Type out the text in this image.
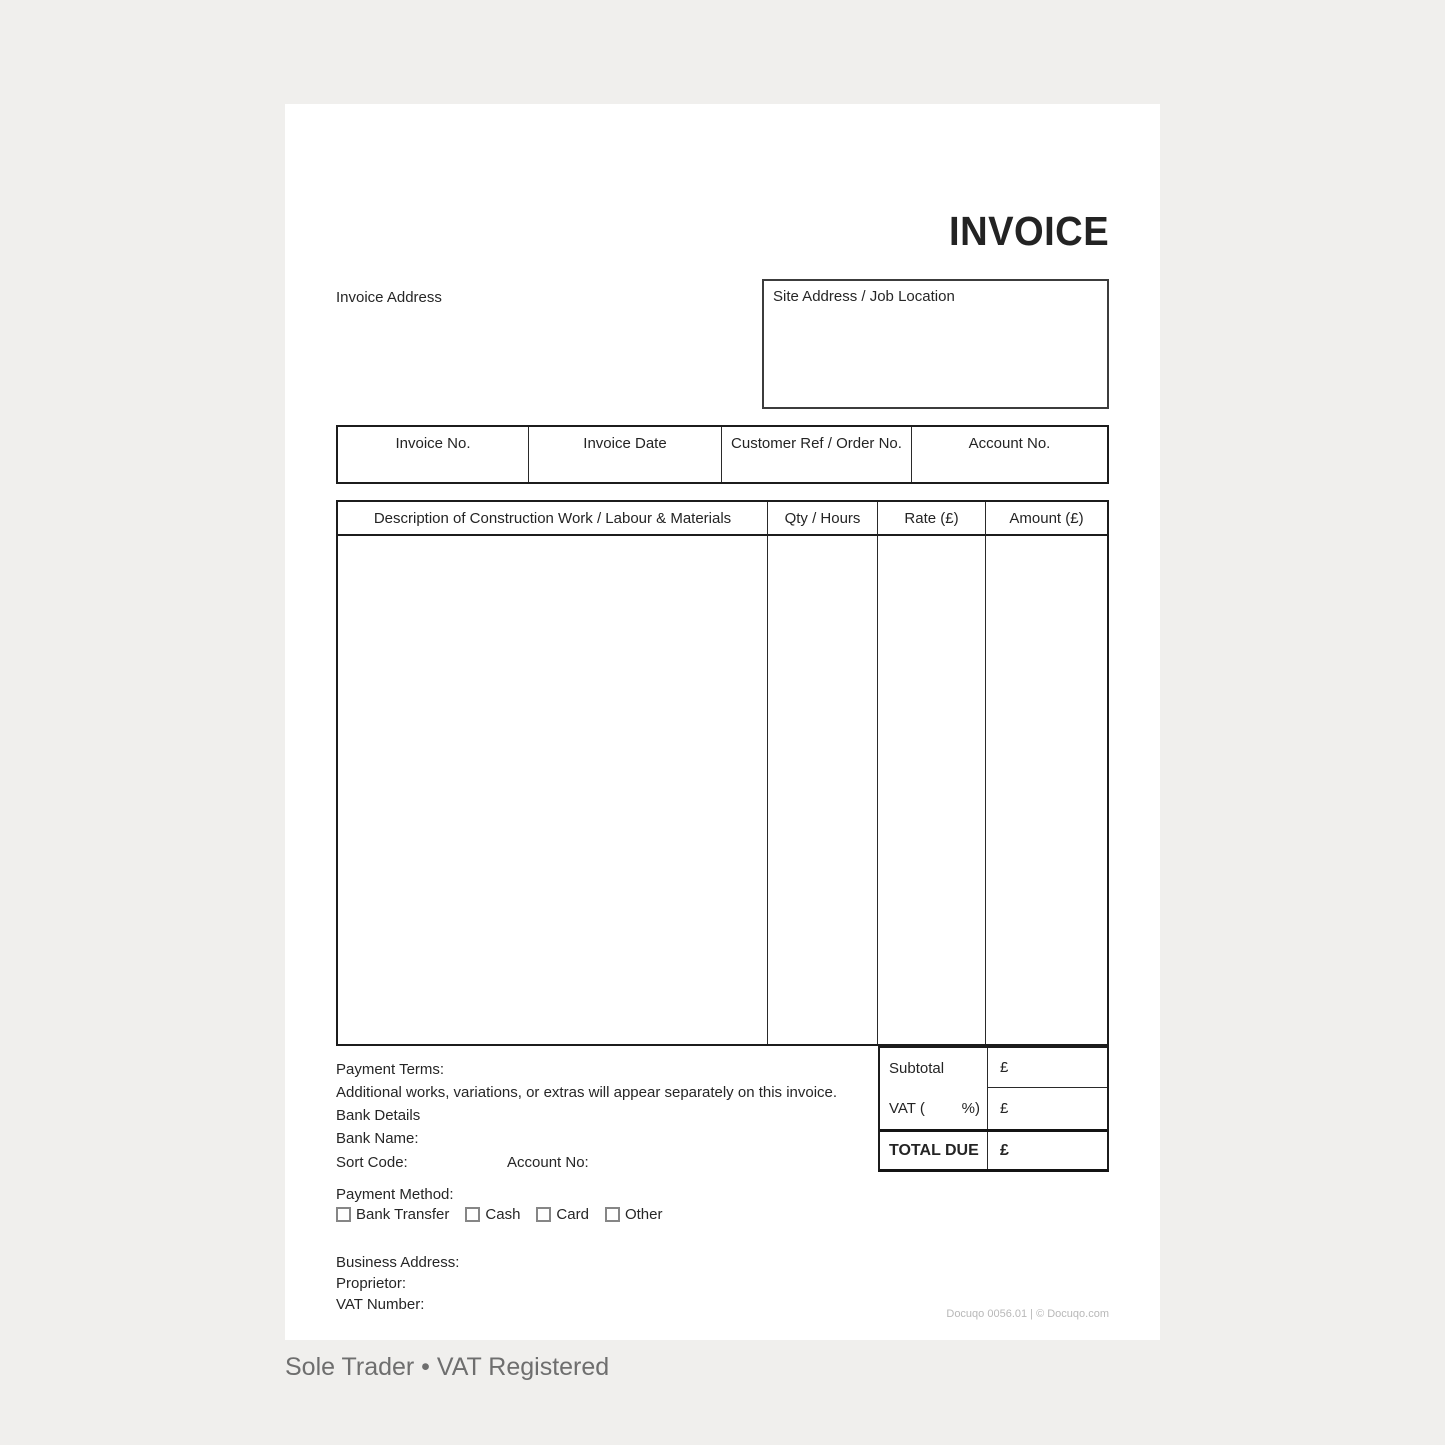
INVOICE
Invoice Address	Site Address / Job Location
Invoice No.	Invoice Date	Customer Ref / Order No.	Account No.
Description of Construction Work / Labour & Materials	Qty / Hours	Rate (£)	Amount (£)
Subtotal	£
VAT ( %) £
TOTAL DUE	£
Payment Terms:
Additional works, variations, or extras will appear separately on this invoice.
Bank Details
Bank Name:
Sort Code:	Account No:
Payment Method:
Bank Transfer Cash Card Other
Business Address:
Proprietor:
VAT Number:
Docuqo 0056.01 | © Docuqo.com
Sole Trader • VAT Registered
